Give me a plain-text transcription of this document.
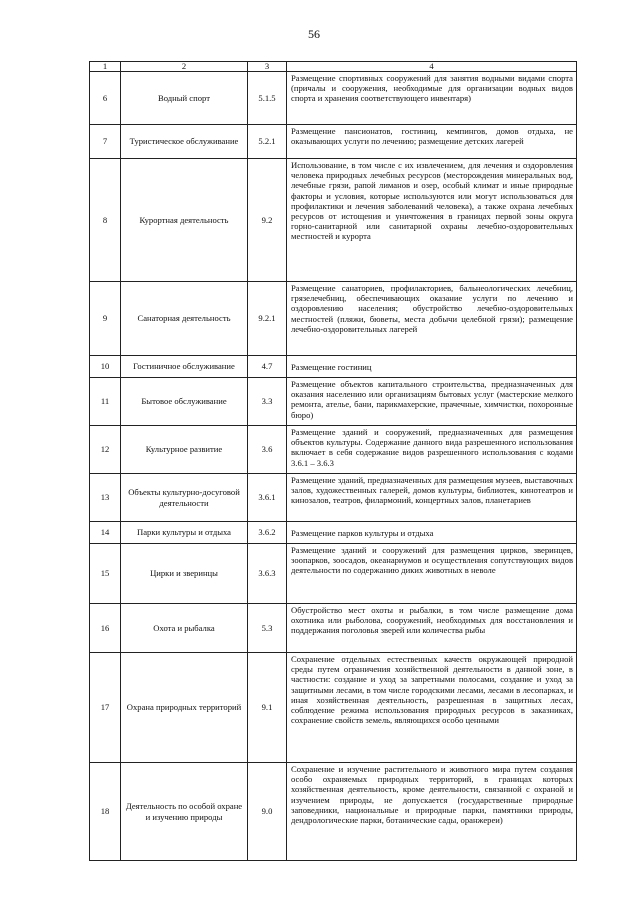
56
1	2	3	4
6	Водный спорт	5.1.5	Размещение спортивных сооружений для занятия водными видами спорта (причалы и сооружения, необходимые для организации водных видов спорта и хранения соответствующего инвентаря)
7	Туристическое обслуживание	5.2.1	Размещение пансионатов, гостиниц, кемпингов, домов отдыха, не оказывающих услуги по лечению; размещение детских лагерей
8	Курортная деятельность	9.2	Использование, в том числе с их извлечением, для лечения и оздоровления человека природных лечебных ресурсов (месторождения минеральных вод, лечебные грязи, рапой лиманов и озер, особый климат и иные природные факторы и условия, которые используются или могут использоваться для профилактики и лечения заболеваний человека), а также охрана лечебных ресурсов от истощения и уничтожения в границах первой зоны округа горно-санитарной или санитарной охраны лечебно-оздоровительных местностей и курорта
9	Санаторная деятельность	9.2.1	Размещение санаториев, профилакториев, бальнеологических лечебниц, грязелечебниц, обеспечивающих оказание услуги по лечению и оздоровлению населения; обустройство лечебно-оздоровительных местностей (пляжи, бюветы, места добычи целебной грязи); размещение лечебно-оздоровительных лагерей
10	Гостиничное обслуживание	4.7	Размещение гостиниц
11	Бытовое обслуживание	3.3	Размещение объектов капитального строительства, предназначенных для оказания населению или организациям бытовых услуг (мастерские мелкого ремонта, ателье, бани, парикмахерские, прачечные, химчистки, похоронные бюро)
12	Культурное развитие	3.6	Размещение зданий и сооружений, предназначенных для размещения объектов культуры. Содержание данного вида разрешенного использования включает в себя содержание видов разрешенного использования с кодами 3.6.1 – 3.6.3
13	Объекты культурно-досуговой деятельности	3.6.1	Размещение зданий, предназначенных для размещения музеев, выставочных залов, художественных галерей, домов культуры, библиотек, кинотеатров и кинозалов, театров, филармоний, концертных залов, планетариев
14	Парки культуры и отдыха	3.6.2	Размещение парков культуры и отдыха
15	Цирки и зверинцы	3.6.3	Размещение зданий и сооружений для размещения цирков, зверинцев, зоопарков, зоосадов, океанариумов и осуществления сопутствующих видов деятельности по содержанию диких животных в неволе
16	Охота и рыбалка	5.3	Обустройство мест охоты и рыбалки, в том числе размещение дома охотника или рыболова, сооружений, необходимых для восстановления и поддержания поголовья зверей или количества рыбы
17	Охрана природных территорий	9.1	Сохранение отдельных естественных качеств окружающей природной среды путем ограничения хозяйственной деятельности в данной зоне, в частности: создание и уход за запретными полосами, создание и уход за защитными лесами, в том числе городскими лесами, лесами в лесопарках, и иная хозяйственная деятельность, разрешенная в защитных лесах, соблюдение режима использования природных ресурсов в заказниках, сохранение свойств земель, являющихся особо ценными
18	Деятельность по особой охране и изучению природы	9.0	Сохранение и изучение растительного и животного мира путем создания особо охраняемых природных территорий, в границах которых хозяйственная деятельность, кроме деятельности, связанной с охраной и изучением природы, не допускается (государственные природные заповедники, национальные и природные парки, памятники природы, дендрологические парки, ботанические сады, оранжереи)
